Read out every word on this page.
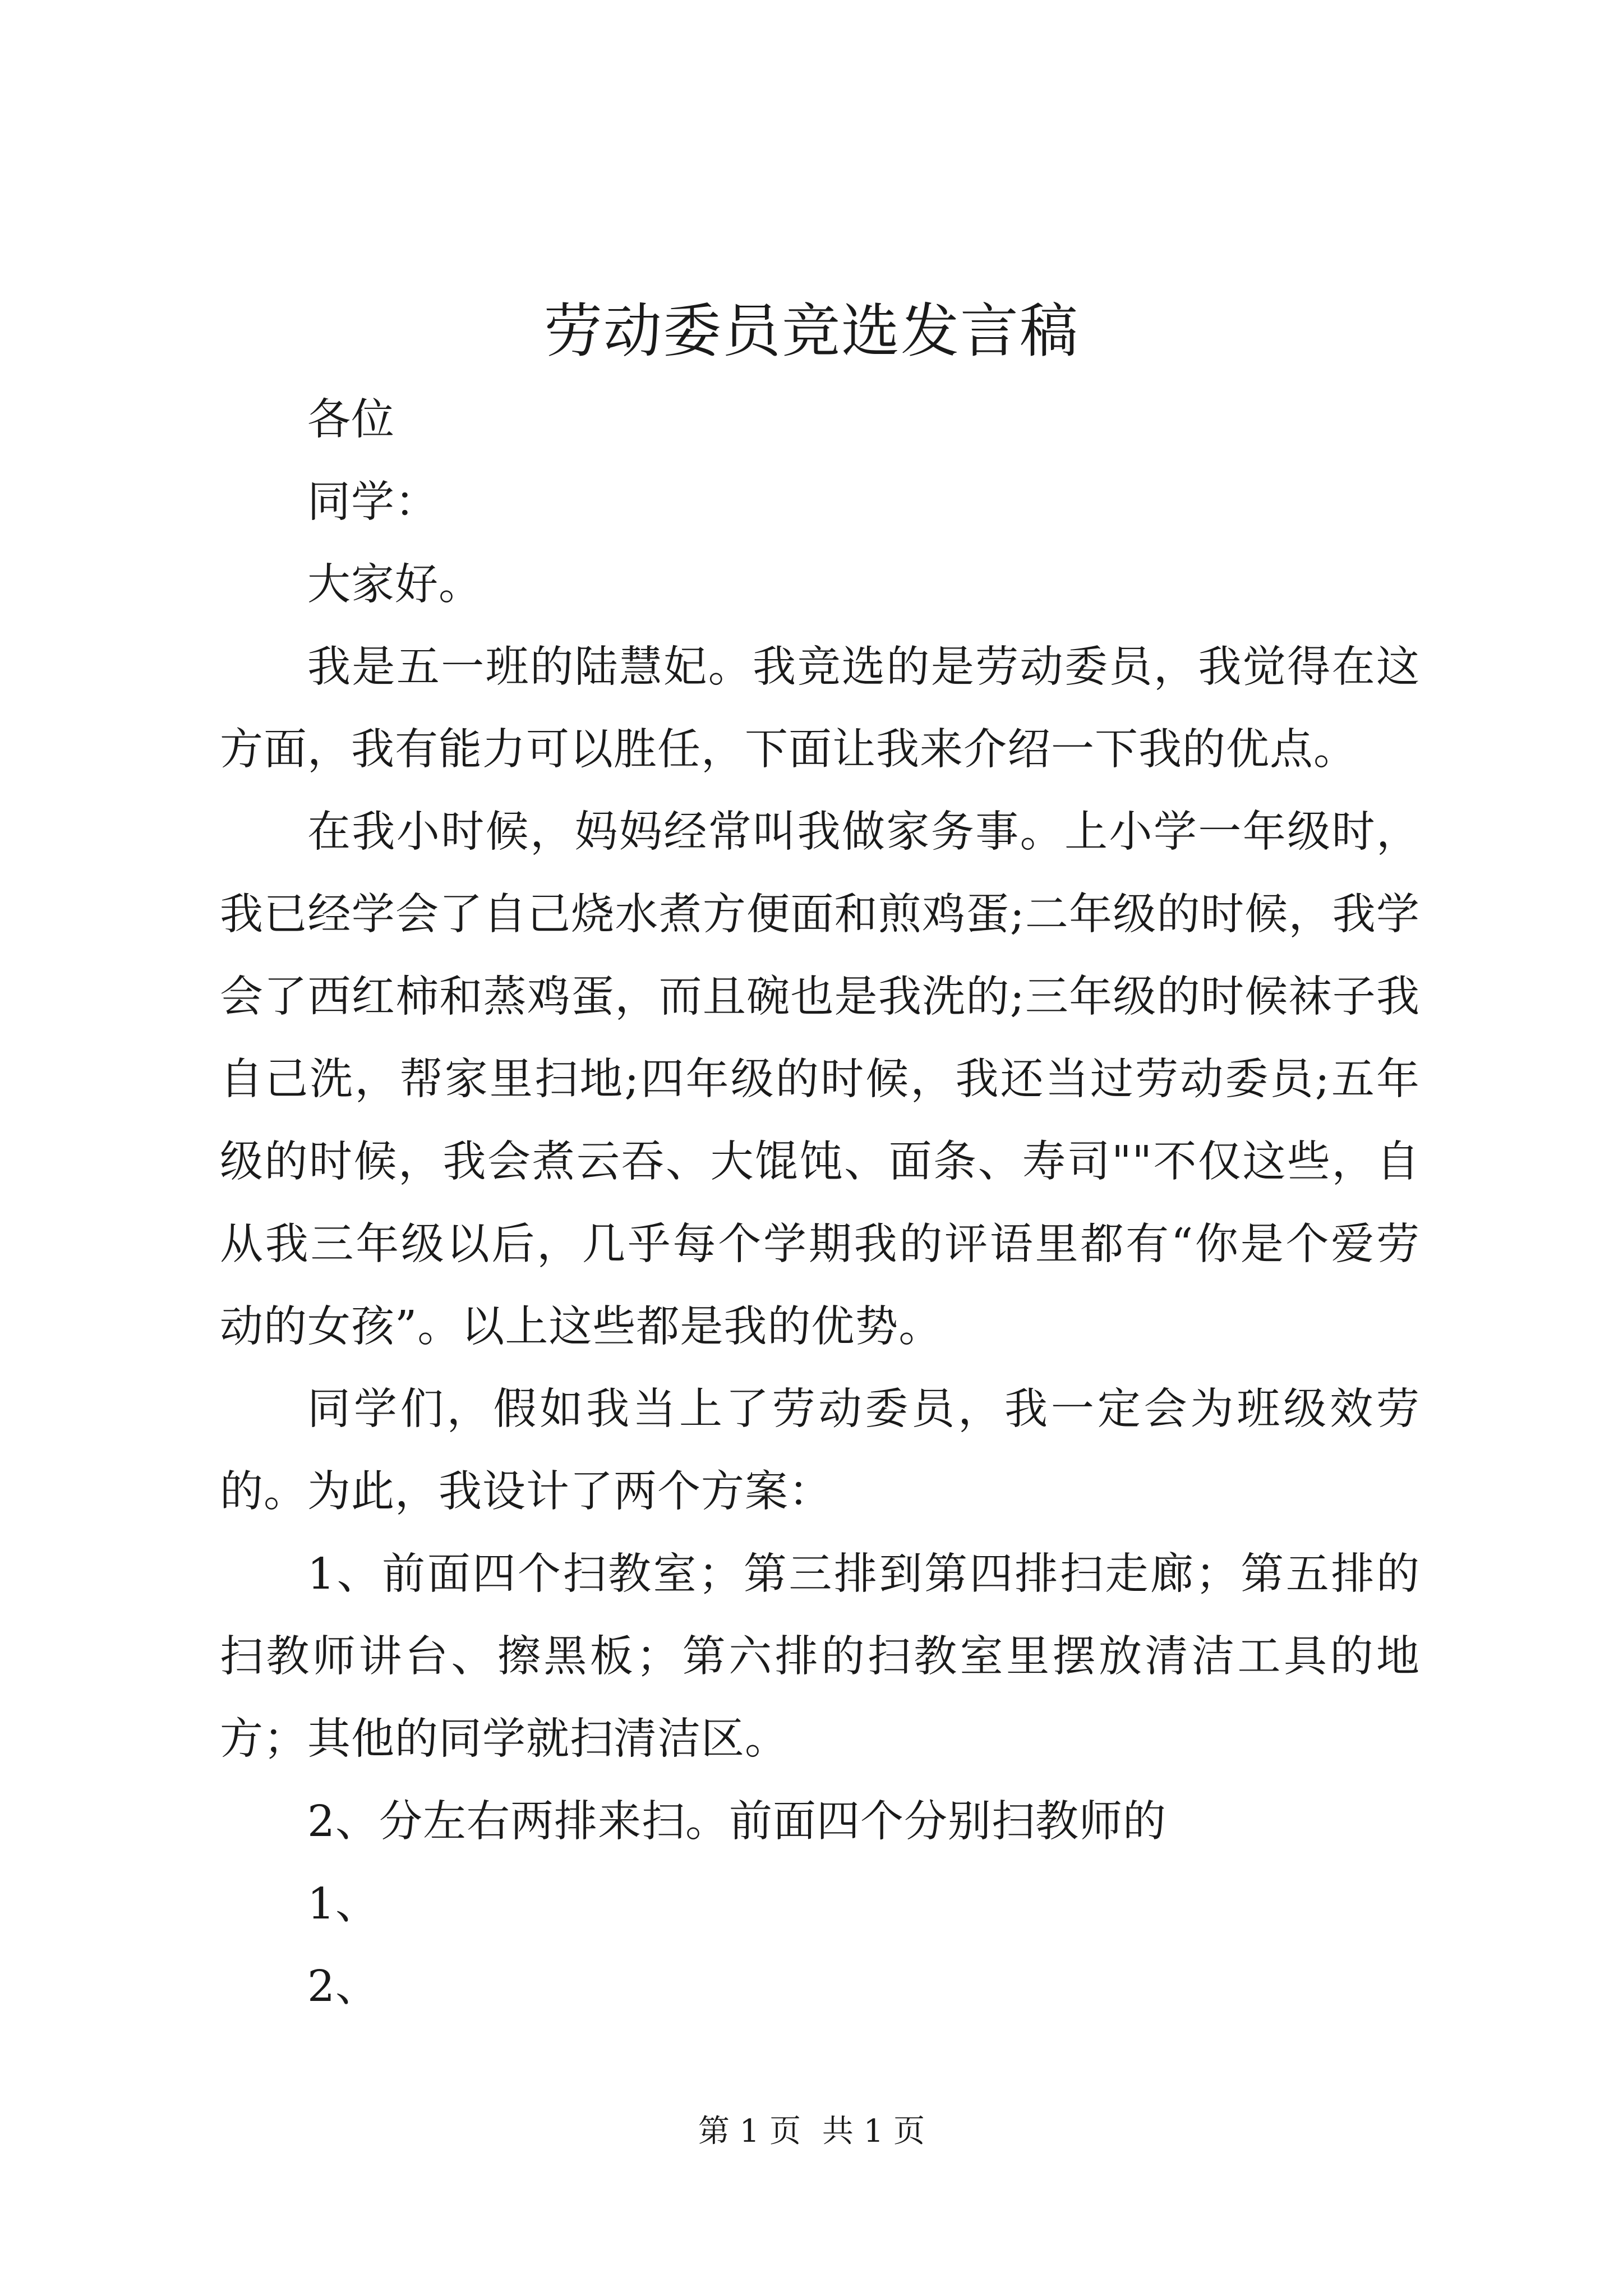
劳动委员竞选发言稿

各位

同学：

大家好。

我是五一班的陆慧妃。我竞选的是劳动委员，我觉得在这方面，我有能力可以胜任，下面让我来介绍一下我的优点。

在我小时候，妈妈经常叫我做家务事。上小学一年级时，我已经学会了自己烧水煮方便面和煎鸡蛋;二年级的时候，我学会了西红柿和蒸鸡蛋，而且碗也是我洗的;三年级的时候袜子我自己洗，帮家里扫地;四年级的时候，我还当过劳动委员;五年级的时候，我会煮云吞、大馄饨、面条、寿司""不仅这些，自从我三年级以后，几乎每个学期我的评语里都有“你是个爱劳动的女孩”。以上这些都是我的优势。

同学们，假如我当上了劳动委员，我一定会为班级效劳的。为此，我设计了两个方案：

1、前面四个扫教室；第三排到第四排扫走廊；第五排的扫教师讲台、擦黑板；第六排的扫教室里摆放清洁工具的地方；其他的同学就扫清洁区。

2、分左右两排来扫。前面四个分别扫教师的

1、

2、

第 1 页 共 1 页
